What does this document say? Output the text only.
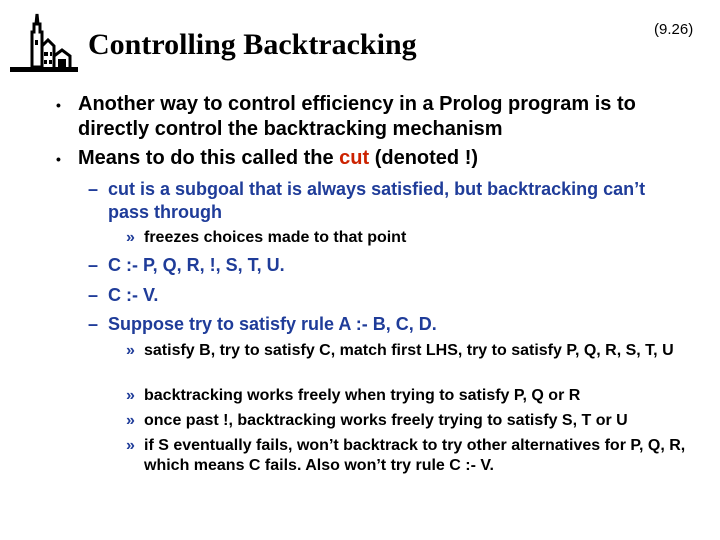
Controlling Backtracking	(9.26)
• Another way to control efficiency in a Prolog program is to directly control the backtracking mechanism
• Means to do this called the cut (denoted !)
– cut is a subgoal that is always satisfied, but backtracking can’t pass through
» freezes choices made to that point
– C :- P, Q, R, !, S, T, U.
– C :- V.
– Suppose try to satisfy rule A :- B, C, D.
» satisfy B, try to satisfy C, match first LHS, try to satisfy P, Q, R, S, T, U
» backtracking works freely when trying to satisfy P, Q or R
» once past !, backtracking works freely trying to satisfy S, T or U
» if S eventually fails, won’t backtrack to try other alternatives for P, Q, R, which means C fails. Also won’t try rule C :- V.
